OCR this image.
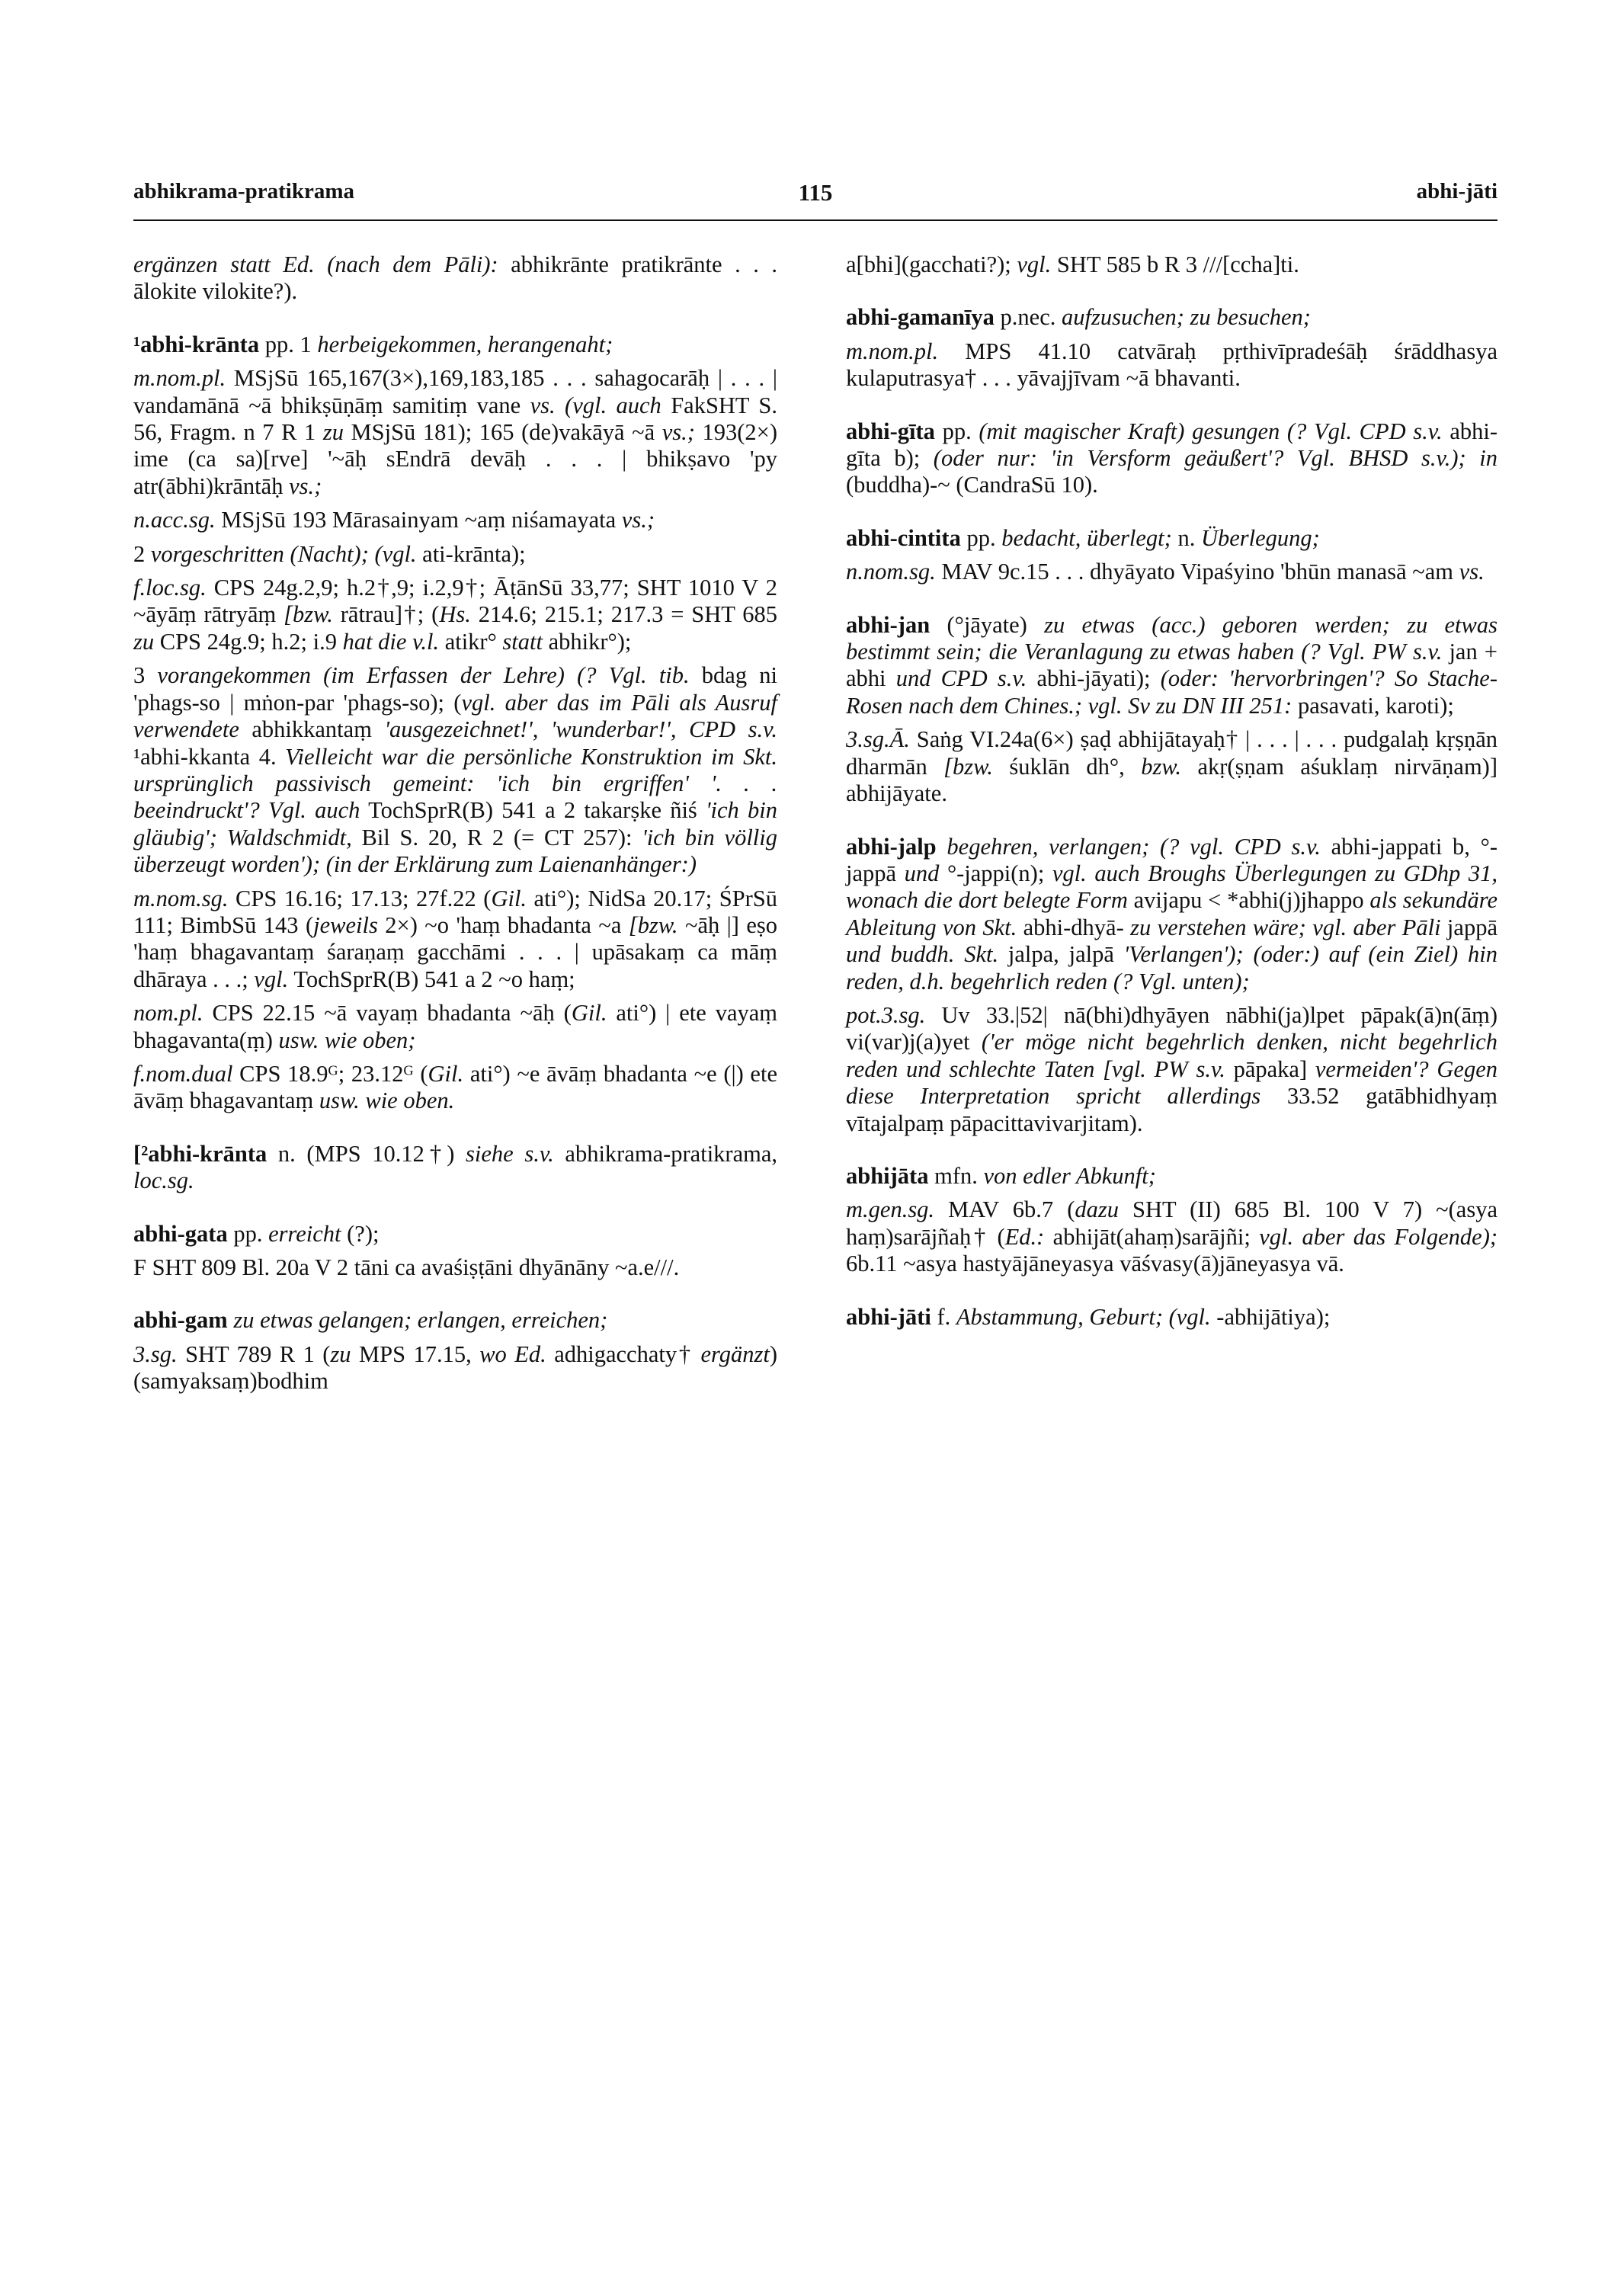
115
abhikrama-pratikrama	abhi-jāti

ergänzen statt Ed. (nach dem Pāli): abhikrānte pratikrānte . . . ālokite vilokite?).

¹abhi-krānta pp. 1 herbeigekommen, herangenaht;

m.nom.pl. MSjSū 165,167(3×),169,183,185 . . . sahagocarāḥ | . . . | vandamānā ~ā bhikṣūṇāṃ samitiṃ vane vs. (vgl. auch FakSHT S. 56, Fragm. n 7 R 1 zu MSjSū 181); 165 (de)vakāyā ~ā vs.; 193(2×) ime (ca sa)[rve] '~āḥ sEndrā devāḥ . . . | bhikṣavo 'py atr(ābhi)krāntāḥ vs.;

n.acc.sg. MSjSū 193 Mārasainyam ~aṃ niśamayata vs.;

2 vorgeschritten (Nacht); (vgl. ati-krānta);

f.loc.sg. CPS 24g.2,9; h.2†,9; i.2,9†; ĀṭānSū 33,77; SHT 1010 V 2 ~āyāṃ rātryāṃ [bzw. rātrau]†; (Hs. 214.6; 215.1; 217.3 = SHT 685 zu CPS 24g.9; h.2; i.9 hat die v.l. atikr° statt abhikr°);

3 vorangekommen (im Erfassen der Lehre) (? Vgl. tib. bdag ni 'phags-so | mṅon-par 'phags-so); (vgl. aber das im Pāli als Ausruf verwendete abhikkantaṃ 'ausgezeichnet!', 'wunderbar!', CPD s.v. ¹abhi-kkanta 4. Vielleicht war die persönliche Konstruktion im Skt. ursprünglich passivisch gemeint: 'ich bin ergriffen' '. . . beeindruckt'? Vgl. auch TochSprR(B) 541 a 2 takarṣke ñiś 'ich bin gläubig'; Waldschmidt, Bil S. 20, R 2 (= CT 257): 'ich bin völlig überzeugt worden'); (in der Erklärung zum Laienanhänger:)

m.nom.sg. CPS 16.16; 17.13; 27f.22 (Gil. ati°); NidSa 20.17; ŚPrSū 111; BimbSū 143 (jeweils 2×) ~o 'haṃ bhadanta ~a [bzw. ~āḥ |] eṣo 'haṃ bhagavantaṃ śaraṇaṃ gacchāmi . . . | upāsakaṃ ca māṃ dhāraya . . .; vgl. TochSprR(B) 541 a 2 ~o haṃ;

nom.pl. CPS 22.15 ~ā vayaṃ bhadanta ~āḥ (Gil. ati°) | ete vayaṃ bhagavanta(ṃ) usw. wie oben;

f.nom.dual CPS 18.9ᴳ; 23.12ᴳ (Gil. ati°) ~e āvāṃ bhadanta ~e (|) ete āvāṃ bhagavantaṃ usw. wie oben.

[²abhi-krānta n. (MPS 10.12†) siehe s.v. abhikrama-pratikrama, loc.sg.

abhi-gata pp. erreicht (?);

F SHT 809 Bl. 20a V 2 tāni ca avaśiṣṭāni dhyānāny ~a.e///.

abhi-gam zu etwas gelangen; erlangen, erreichen;

3.sg. SHT 789 R 1 (zu MPS 17.15, wo Ed. adhigacchaty† ergänzt) (samyaksaṃ)bodhim

a[bhi](gacchati?); vgl. SHT 585 b R 3 ///[ccha]ti.

abhi-gamanīya p.nec. aufzusuchen; zu besuchen;

m.nom.pl. MPS 41.10 catvāraḥ pṛthivīpradeśāḥ śrāddhasya kulaputrasya† . . . yāvajjīvam ~ā bhavanti.

abhi-gīta pp. (mit magischer Kraft) gesungen (? Vgl. CPD s.v. abhi-gīta b); (oder nur: 'in Versform geäußert'? Vgl. BHSD s.v.); in (buddha)-~ (CandraSū 10).

abhi-cintita pp. bedacht, überlegt; n. Überlegung;

n.nom.sg. MAV 9c.15 . . . dhyāyato Vipaśyino 'bhūn manasā ~am vs.

abhi-jan (°jāyate) zu etwas (acc.) geboren werden; zu etwas bestimmt sein; die Veranlagung zu etwas haben (? Vgl. PW s.v. jan + abhi und CPD s.v. abhi-jāyati); (oder: 'hervorbringen'? So Stache-Rosen nach dem Chines.; vgl. Sv zu DN III 251: pasavati, karoti);

3.sg.Ā. Saṅg VI.24a(6×) ṣaḍ abhijātayaḥ† | . . . | . . . pudgalaḥ kṛṣṇān dharmān [bzw. śuklān dh°, bzw. akṛ(ṣṇam aśuklaṃ nirvāṇam)] abhijāyate.

abhi-jalp begehren, verlangen; (? vgl. CPD s.v. abhi-jappati b, °-jappā und °-jappi(n); vgl. auch Broughs Überlegungen zu GDhp 31, wonach die dort belegte Form avijapu < *abhi(j)jhappo als sekundäre Ableitung von Skt. abhi-dhyā- zu verstehen wäre; vgl. aber Pāli jappā und buddh. Skt. jalpa, jalpā 'Verlangen'); (oder:) auf (ein Ziel) hin reden, d.h. begehrlich reden (? Vgl. unten);

pot.3.sg. Uv 33.|52| nā(bhi)dhyāyen nābhi(ja)lpet pāpak(ā)n(āṃ) vi(var)j(a)yet ('er möge nicht begehrlich denken, nicht begehrlich reden und schlechte Taten [vgl. PW s.v. pāpaka] vermeiden'? Gegen diese Interpretation spricht allerdings 33.52 gatābhidhyaṃ vītajalpaṃ pāpacittavivarjitam).

abhijāta mfn. von edler Abkunft;

m.gen.sg. MAV 6b.7 (dazu SHT (II) 685 Bl. 100 V 7) ~(asya haṃ)sarājñaḥ† (Ed.: abhijāt(ahaṃ)sarājñi; vgl. aber das Folgende); 6b.11 ~asya hastyājāneyasya vāśvasy(ā)jāneyasya vā.

abhi-jāti f. Abstammung, Geburt; (vgl. -abhijātiya);
